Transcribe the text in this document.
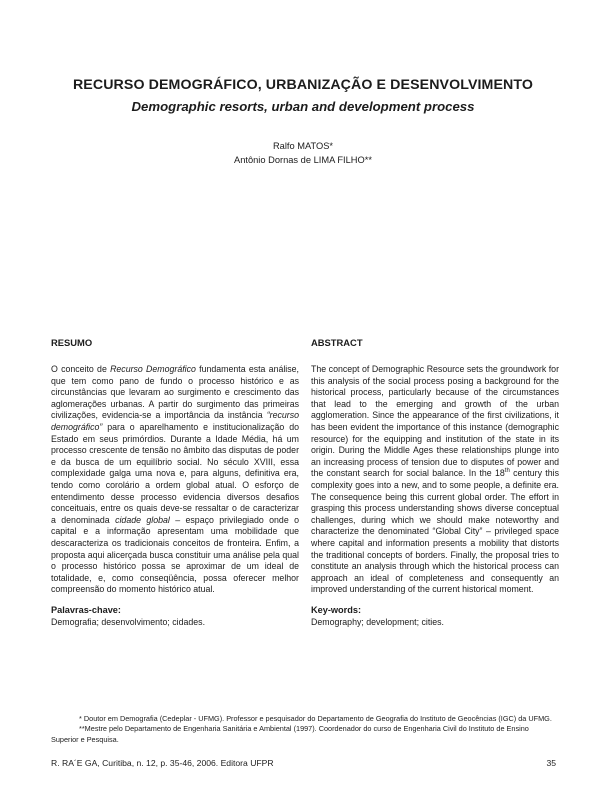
RECURSO DEMOGRÁFICO, URBANIZAÇÃO E DESENVOLVIMENTO
Demographic resorts, urban and development process
Ralfo MATOS*
Antônio Dornas de LIMA FILHO**
RESUMO

O conceito de Recurso Demográfico fundamenta esta análise, que tem como pano de fundo o processo histórico e as circunstâncias que levaram ao surgimento e crescimento das aglomerações urbanas. A partir do surgimento das primeiras civilizações, evidencia-se a importância da instância “recurso demográfico” para o aparelhamento e institucionalização do Estado em seus primórdios. Durante a Idade Média, há um processo crescente de tensão no âmbito das disputas de poder e da busca de um equilíbrio social. No século XVIII, essa complexidade galga uma nova e, para alguns, definitiva era, tendo como corolário a ordem global atual. O esforço de entendimento desse processo evidencia diversos desafios conceituais, entre os quais deve-se ressaltar o de caracterizar a denominada cidade global – espaço privilegiado onde o capital e a informação apresentam uma mobilidade que descaracteriza os tradicionais conceitos de fronteira. Enfim, a proposta aqui alicerçada busca constituir uma análise pela qual o processo histórico possa se aproximar de um ideal de totalidade, e, como conseqüência, possa oferecer melhor compreensão do momento histórico atual.

ABSTRACT

The concept of Demographic Resource sets the groundwork for this analysis of the social process posing a background for the historical process, particularly because of the circumstances that lead to the emerging and growth of the urban agglomeration. Since the appearance of the first civilizations, it has been evident the importance of this instance (demographic resource) for the equipping and institution of the state in its origin. During the Middle Ages these relationships plunge into an increasing process of tension due to disputes of power and the constant search for social balance. In the 18th century this complexity goes into a new, and to some people, a definite era. The consequence being this current global order. The effort in grasping this process understanding shows diverse conceptual challenges, during which we should make noteworthy and characterize the denominated “Global City” – privileged space where capital and information presents a mobility that distorts the traditional concepts of borders. Finally, the proposal tries to constitute an analysis through which the historical process can approach an ideal of completeness and consequently an improved understanding of the current historical moment.

Palavras-chave:
Demografia; desenvolvimento; cidades.
Key-words:
Demography; development; cities.

* Doutor em Demografia (Cedeplar - UFMG). Professor e pesquisador do Departamento de Geografia do Instituto de Geocências (IGC) da UFMG.

**Mestre pelo Departamento de Engenharia Sanitária e Ambiental (1997). Coordenador do curso de Engenharia Civil do Instituto de Ensino Superior e Pesquisa.

R. RA´E GA, Curitiba, n. 12, p. 35-46, 2006. Editora UFPR	35
